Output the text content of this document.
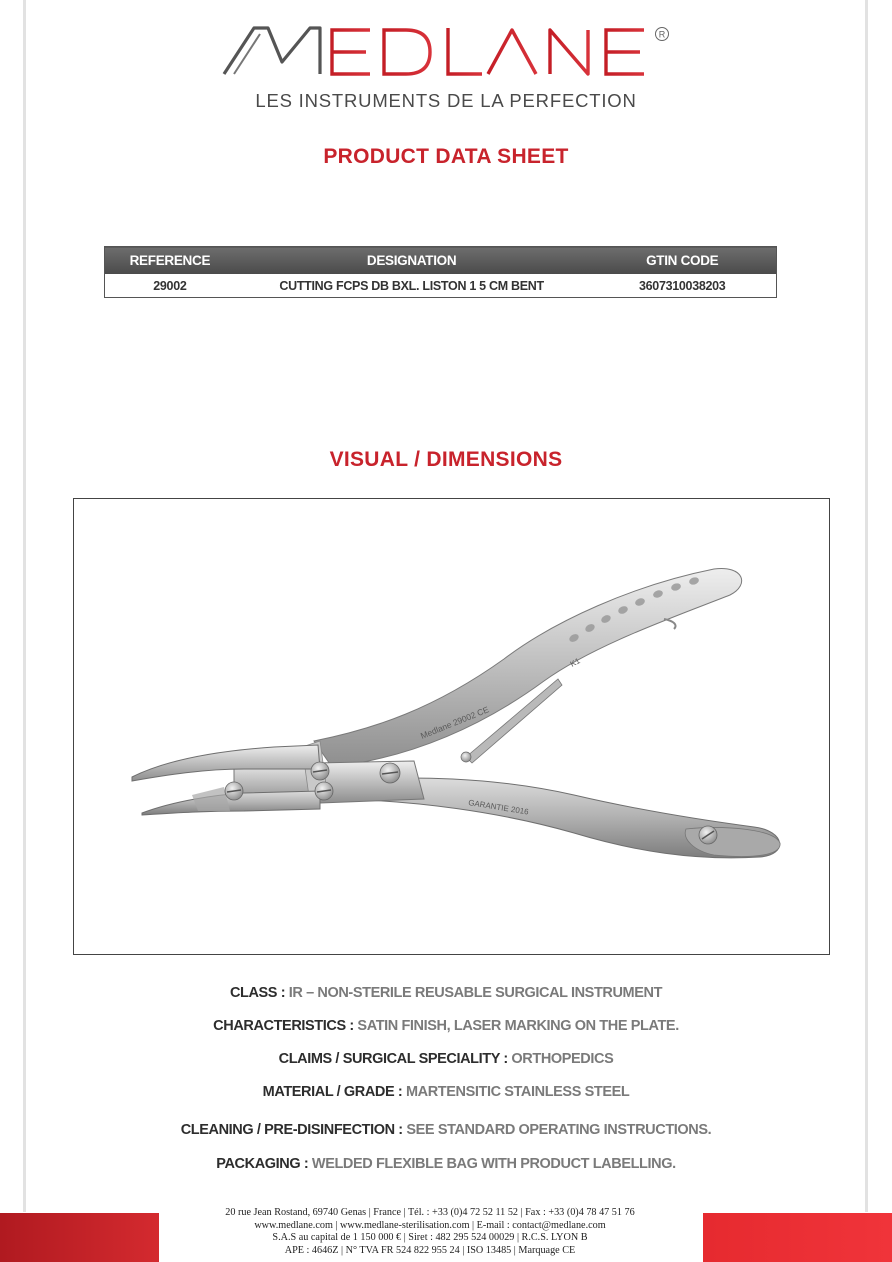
R
LES INSTRUMENTS DE LA PERFECTION
PRODUCT DATA SHEET
REFERENCE	DESIGNATION	GTIN CODE
29002	CUTTING FCPS DB BXL. LISTON 1 5 CM BENT	3607310038203
VISUAL / DIMENSIONS
Medlane 29002 CE
K1
GARANTIE 2016
CLASS : IR – NON-STERILE REUSABLE SURGICAL INSTRUMENT
CHARACTERISTICS : SATIN FINISH, LASER MARKING ON THE PLATE.
CLAIMS / SURGICAL SPECIALITY : ORTHOPEDICS
MATERIAL / GRADE : MARTENSITIC STAINLESS STEEL
CLEANING / PRE-DISINFECTION : SEE STANDARD OPERATING INSTRUCTIONS.
PACKAGING : WELDED FLEXIBLE BAG WITH PRODUCT LABELLING.
20 rue Jean Rostand, 69740 Genas | France | Tél. : +33 (0)4 72 52 11 52 | Fax : +33 (0)4 78 47 51 76
www.medlane.com | www.medlane-sterilisation.com | E-mail : contact@medlane.com
S.A.S au capital de 1 150 000 € | Siret : 482 295 524 00029 | R.C.S. LYON B
APE : 4646Z | N° TVA FR 524 822 955 24 | ISO 13485 | Marquage CE
